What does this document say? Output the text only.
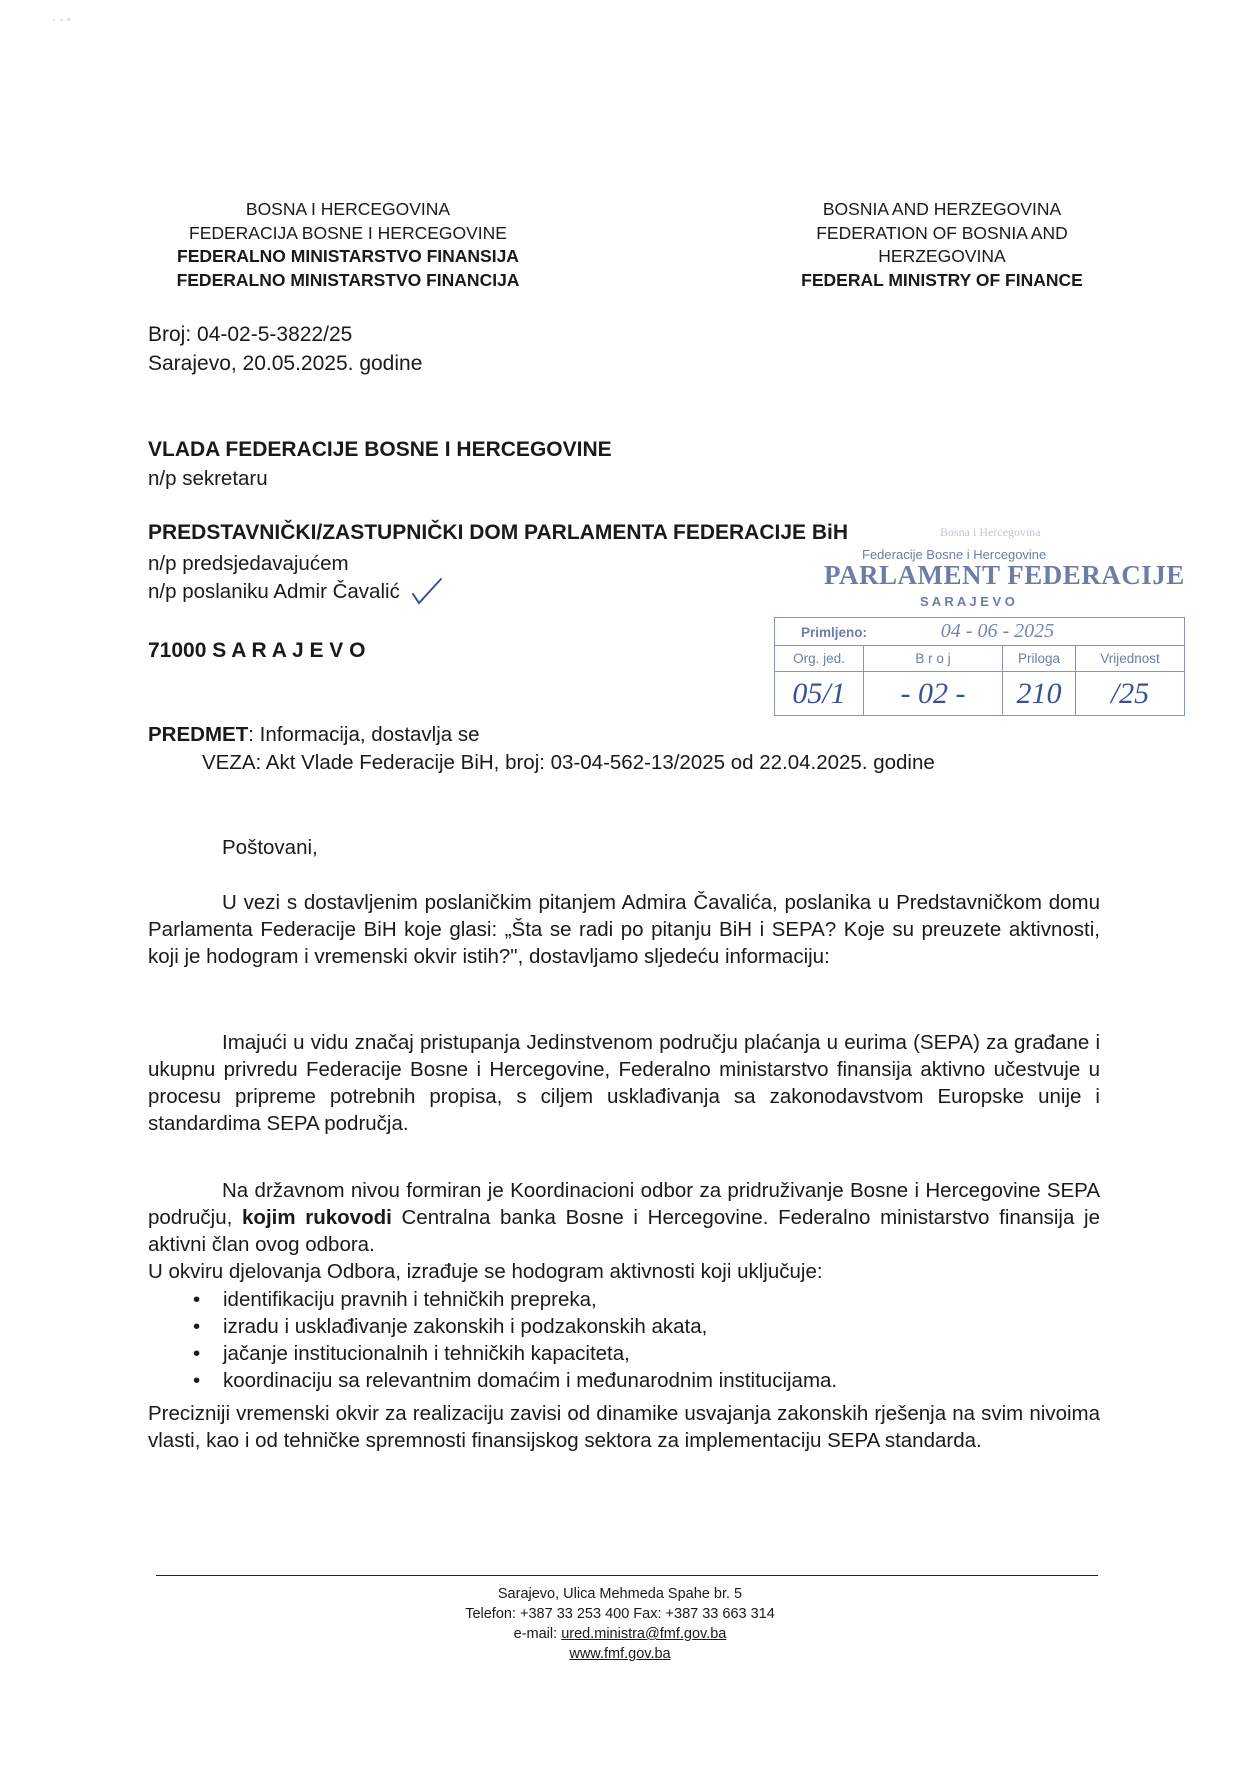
· · ◦
BOSNA I HERCEGOVINA
FEDERACIJA BOSNE I HERCEGOVINE
FEDERALNO MINISTARSTVO FINANSIJA
FEDERALNO MINISTARSTVO FINANCIJA
BOSNIA AND HERZEGOVINA
FEDERATION OF BOSNIA AND
HERZEGOVINA
FEDERAL MINISTRY OF FINANCE
Broj: 04-02-5-3822/25
Sarajevo, 20.05.2025. godine
VLADA FEDERACIJE BOSNE I HERCEGOVINE
n/p sekretaru
PREDSTAVNIČKI/ZASTUPNIČKI DOM PARLAMENTA FEDERACIJE BiH
n/p predsjedavajućem
n/p poslaniku Admir Čavalić
71000 S A R A J E V O
Bosna i Hercegovina
Federacije Bosne i Hercegovine
PARLAMENT FEDERACIJE
S A R A J E V O
Primljeno: 04 - 06 - 2025			
Org. jed.	B r o j	Priloga	Vrijednost
05/1	- 02 -	210	/25
PREDMET: Informacija, dostavlja se
VEZA: Akt Vlade Federacije BiH, broj: 03-04-562-13/2025 od 22.04.2025. godine
Poštovani,
U vezi s dostavljenim poslaničkim pitanjem Admira Čavalića, poslanika u Predstavničkom domu Parlamenta Federacije BiH koje glasi: „Šta se radi po pitanju BiH i SEPA? Koje su preuzete aktivnosti, koji je hodogram i vremenski okvir istih?", dostavljamo sljedeću informaciju:
Imajući u vidu značaj pristupanja Jedinstvenom području plaćanja u eurima (SEPA) za građane i ukupnu privredu Federacije Bosne i Hercegovine, Federalno ministarstvo finansija aktivno učestvuje u procesu pripreme potrebnih propisa, s ciljem usklađivanja sa zakonodavstvom Europske unije i standardima SEPA područja.
Na državnom nivou formiran je Koordinacioni odbor za pridruživanje Bosne i Hercegovine SEPA području, kojim rukovodi Centralna banka Bosne i Hercegovine. Federalno ministarstvo finansija je aktivni član ovog odbora.
U okviru djelovanja Odbora, izrađuje se hodogram aktivnosti koji uključuje:
• identifikaciju pravnih i tehničkih prepreka,
• izradu i usklađivanje zakonskih i podzakonskih akata,
• jačanje institucionalnih i tehničkih kapaciteta,
• koordinaciju sa relevantnim domaćim i međunarodnim institucijama.
Precizniji vremenski okvir za realizaciju zavisi od dinamike usvajanja zakonskih rješenja na svim nivoima vlasti, kao i od tehničke spremnosti finansijskog sektora za implementaciju SEPA standarda.
Sarajevo, Ulica Mehmeda Spahe br. 5
Telefon: +387 33 253 400 Fax: +387 33 663 314
e-mail: ured.ministra@fmf.gov.ba
www.fmf.gov.ba
